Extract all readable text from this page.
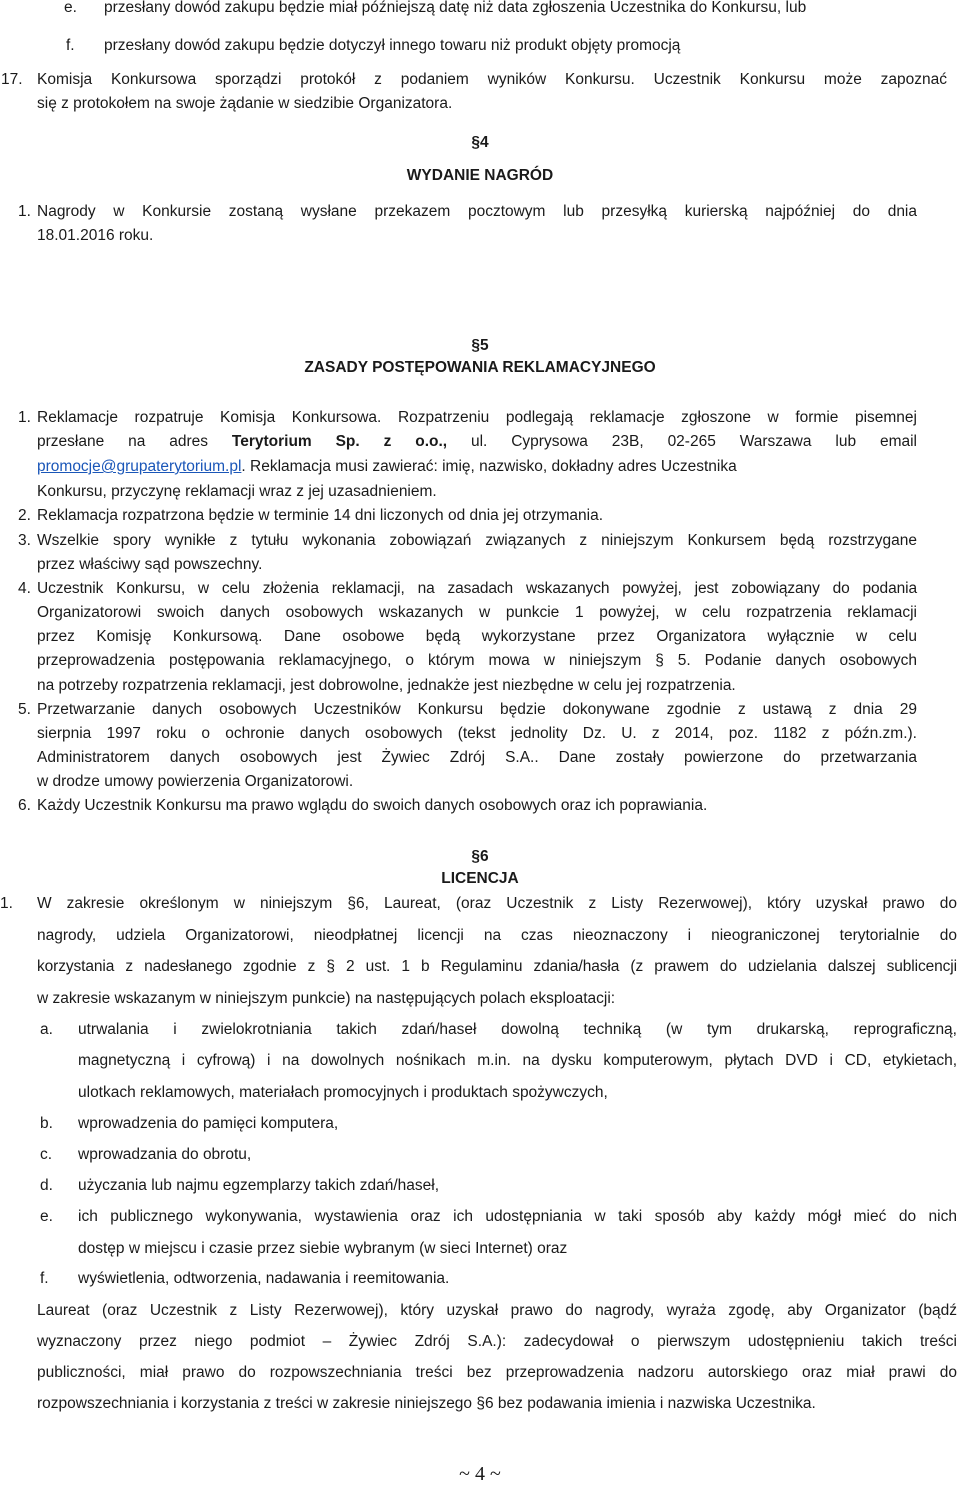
e. przesłany dowód zakupu będzie miał późniejszą datę niż data zgłoszenia Uczestnika do Konkursu, lub
f. przesłany dowód zakupu będzie dotyczył innego towaru niż produkt objęty promocją
17. Komisja Konkursowa sporządzi protokół z podaniem wyników Konkursu. Uczestnik Konkursu może zapoznać
się z protokołem na swoje żądanie w siedzibie Organizatora.
§4
WYDANIE NAGRÓD
1. Nagrody w Konkursie zostaną wysłane przekazem pocztowym lub przesyłką kurierską najpóźniej do dnia
18.01.2016 roku.
§5
ZASADY POSTĘPOWANIA REKLAMACYJNEGO
1. Reklamacje rozpatruje Komisja Konkursowa. Rozpatrzeniu podlegają reklamacje zgłoszone w formie pisemnej
przesłane na adres Terytorium Sp. z o.o., ul. Cyprysowa 23B, 02-265 Warszawa lub email
promocje@grupaterytorium.pl. Reklamacja musi zawierać: imię, nazwisko, dokładny adres Uczestnika
Konkursu, przyczynę reklamacji wraz z jej uzasadnieniem.
2. Reklamacja rozpatrzona będzie w terminie 14 dni liczonych od dnia jej otrzymania.
3. Wszelkie spory wynikłe z tytułu wykonania zobowiązań związanych z niniejszym Konkursem będą rozstrzygane
przez właściwy sąd powszechny.
4. Uczestnik Konkursu, w celu złożenia reklamacji, na zasadach wskazanych powyżej, jest zobowiązany do podania
Organizatorowi swoich danych osobowych wskazanych w punkcie 1 powyżej, w celu rozpatrzenia reklamacji
przez Komisję Konkursową. Dane osobowe będą wykorzystane przez Organizatora wyłącznie w celu
przeprowadzenia postępowania reklamacyjnego, o którym mowa w niniejszym § 5. Podanie danych osobowych
na potrzeby rozpatrzenia reklamacji, jest dobrowolne, jednakże jest niezbędne w celu jej rozpatrzenia.
5. Przetwarzanie danych osobowych Uczestników Konkursu będzie dokonywane zgodnie z ustawą z dnia 29
sierpnia 1997 roku o ochronie danych osobowych (tekst jednolity Dz. U. z 2014, poz. 1182 z późn.zm.).
Administratorem danych osobowych jest Żywiec Zdrój S.A.. Dane zostały powierzone do przetwarzania
w drodze umowy powierzenia Organizatorowi.
6. Każdy Uczestnik Konkursu ma prawo wglądu do swoich danych osobowych oraz ich poprawiania.
§6
LICENCJA
1. W zakresie określonym w niniejszym §6, Laureat, (oraz Uczestnik z Listy Rezerwowej), który uzyskał prawo do
nagrody, udziela Organizatorowi, nieodpłatnej licencji na czas nieoznaczony i nieograniczonej terytorialnie do
korzystania z nadesłanego zgodnie z § 2 ust. 1 b Regulaminu zdania/hasła (z prawem do udzielania dalszej sublicencji
w zakresie wskazanym w niniejszym punkcie) na następujących polach eksploatacji:
a. utrwalania i zwielokrotniania takich zdań/haseł dowolną techniką (w tym drukarską, reprograficzną,
magnetyczną i cyfrową) i na dowolnych nośnikach m.in. na dysku komputerowym, płytach DVD i CD, etykietach,
ulotkach reklamowych, materiałach promocyjnych i produktach spożywczych,
b. wprowadzenia do pamięci komputera,
c. wprowadzania do obrotu,
d. użyczania lub najmu egzemplarzy takich zdań/haseł,
e. ich publicznego wykonywania, wystawienia oraz ich udostępniania w taki sposób aby każdy mógł mieć do nich
dostęp w miejscu i czasie przez siebie wybranym (w sieci Internet) oraz
f. wyświetlenia, odtworzenia, nadawania i reemitowania.
Laureat (oraz Uczestnik z Listy Rezerwowej), który uzyskał prawo do nagrody, wyraża zgodę, aby Organizator (bądź
wyznaczony przez niego podmiot – Żywiec Zdrój S.A.): zadecydował o pierwszym udostępnieniu takich treści
publiczności, miał prawo do rozpowszechniania treści bez przeprowadzenia nadzoru autorskiego oraz miał prawi do
rozpowszechniania i korzystania z treści w zakresie niniejszego §6 bez podawania imienia i nazwiska Uczestnika.
~ 4 ~
